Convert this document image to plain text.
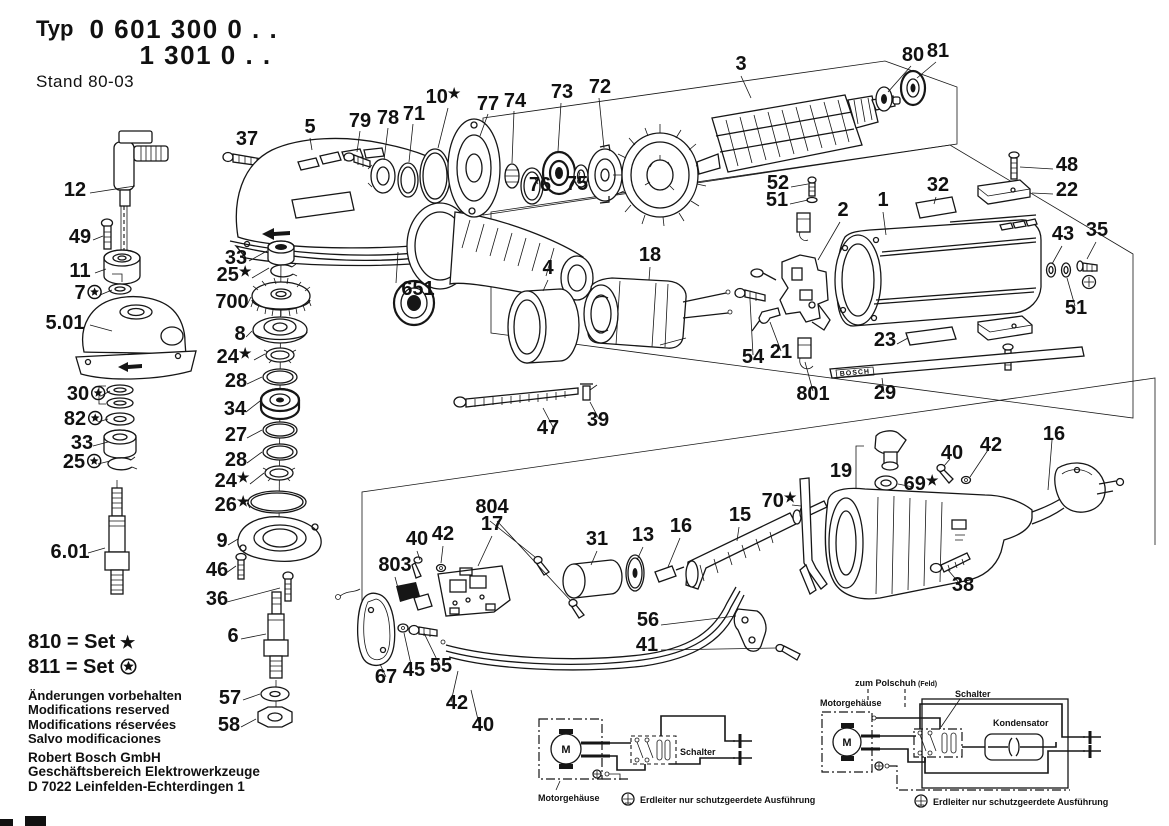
Typ 0 601 300 0 . .
1 301 0 . .
Stand 80-03
810 = Set ★
811 = Set
Änderungen vorbehalten
Modifications reserved
Modifications réservées
Salvo modificaciones
Robert Bosch GmbH
Geschäftsbereich Elektrowerkzeuge
D 7022 Leinfelden-Echterdingen 1
BOSCH
M
Motorgehäuse
Schalter
Erdleiter nur schutzgeerdete Ausführung
zum Polschuh (Feld)
Motorgehäuse
M
Schalter
Kondensator
Erdleiter nur schutzgeerdete Ausführung
12
49
11
7
5.01
30
82
33
25
6.01
37
5 79 78 71
10★ 77 74 73 72
76 75
3	80 81
33
25★
700
8
24★
28
34
27
28
24★
26★
9
46
36
6
57
58
651
4
18
47 39
52
51 2 1
32
48
22
43 35
51
23
54 21
801 29
19
40 42
69★
70★
16
38
804
17
40 42
803
31 13 16 15
56
41
67 45 55
42
40
